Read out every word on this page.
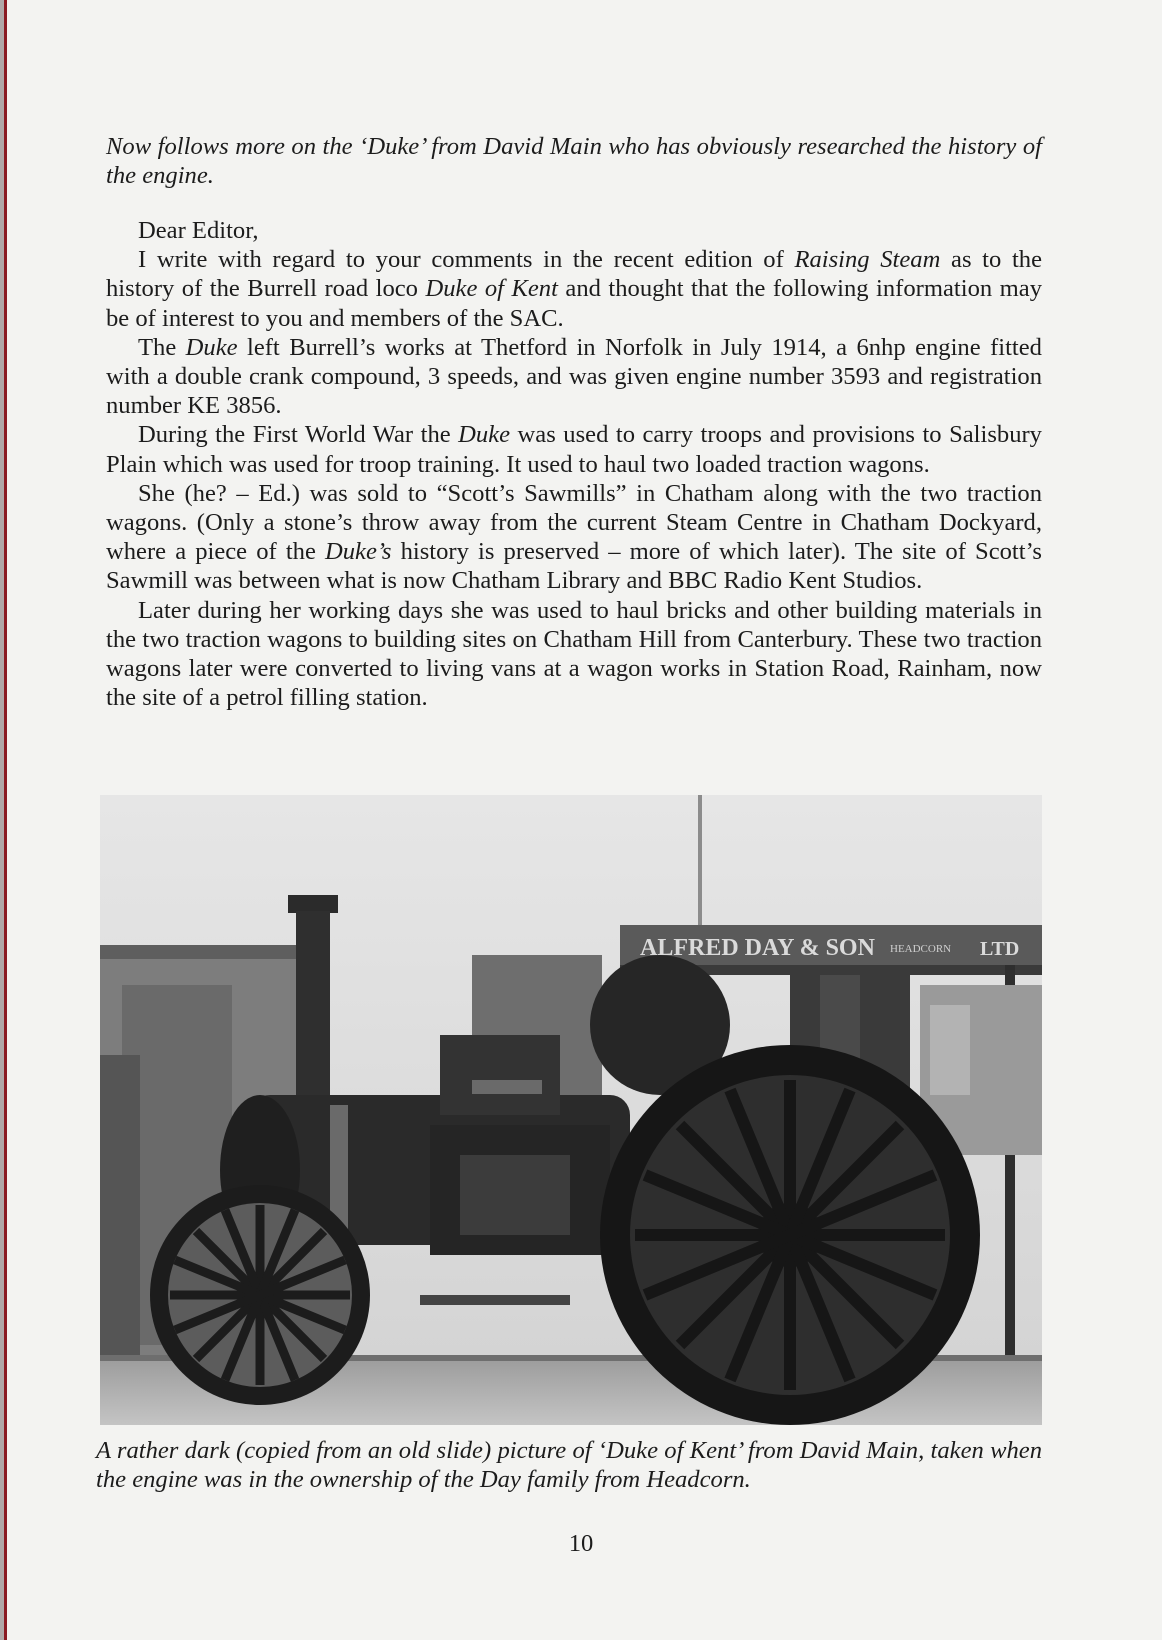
Now follows more on the ‘Duke’ from David Main who has obviously researched the history of the engine.

Dear Editor,

I write with regard to your comments in the recent edition of Raising Steam as to the history of the Burrell road loco Duke of Kent and thought that the following information may be of interest to you and members of the SAC.

The Duke left Burrell’s works at Thetford in Norfolk in July 1914, a 6nhp engine fitted with a double crank compound, 3 speeds, and was given engine number 3593 and registration number KE 3856.

During the First World War the Duke was used to carry troops and provisions to Salisbury Plain which was used for troop training. It used to haul two loaded traction wagons.

She (he? – Ed.) was sold to “Scott’s Sawmills” in Chatham along with the two traction wagons. (Only a stone’s throw away from the current Steam Centre in Chatham Dockyard, where a piece of the Duke’s history is preserved – more of which later). The site of Scott’s Sawmill was between what is now Chatham Library and BBC Radio Kent Studios.

Later during her working days she was used to haul bricks and other building materials in the two traction wagons to building sites on Chatham Hill from Canterbury. These two traction wagons later were converted to living vans at a wagon works in Station Road, Rainham, now the site of a petrol filling station.

ALFRED DAY & SON HEADCORN LTD
A rather dark (copied from an old slide) picture of ‘Duke of Kent’ from David Main, taken when the engine was in the ownership of the Day family from Headcorn.
10
